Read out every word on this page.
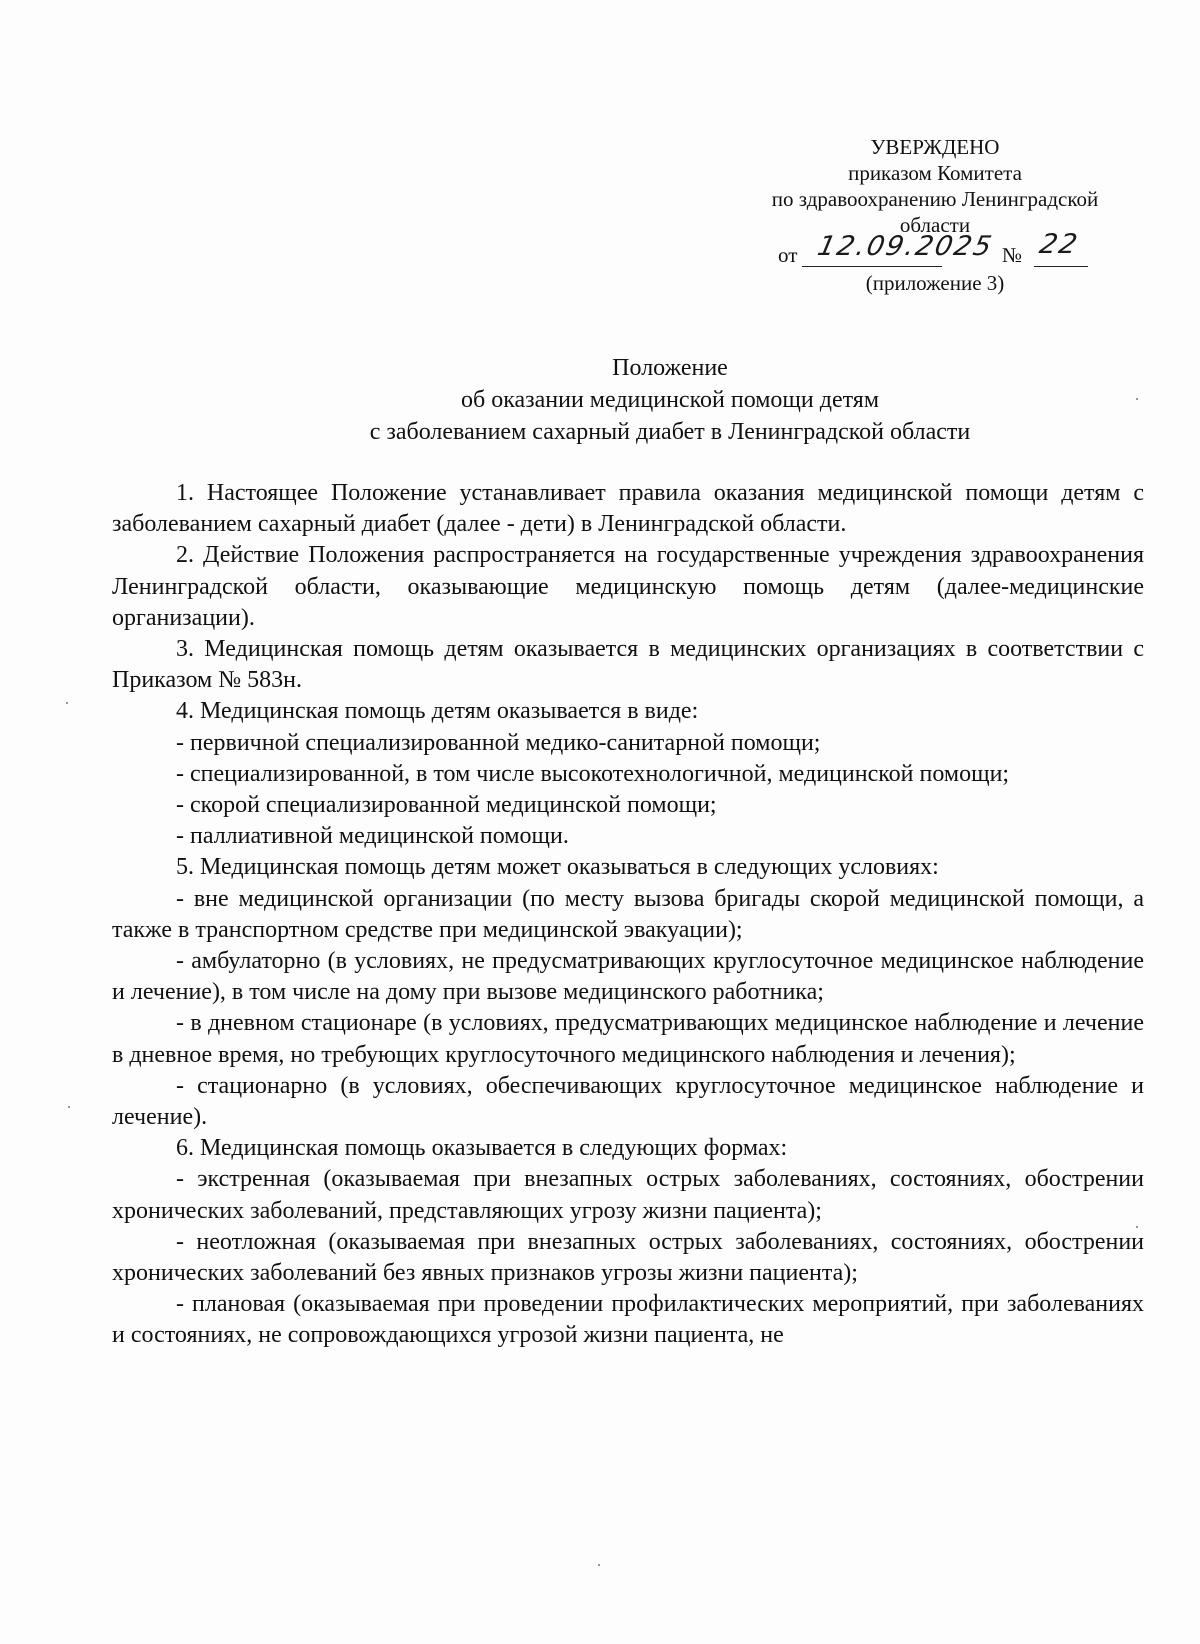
УВЕРЖДЕНО
приказом Комитета
по здравоохранению Ленинградской
области
от 12.09.2025 № 22
(приложение 3)
Положение
об оказании медицинской помощи детям
с заболеванием сахарный диабет в Ленинградской области

1. Настоящее Положение устанавливает правила оказания медицинской помощи детям с заболеванием сахарный диабет (далее - дети) в Ленинградской области.

2. Действие Положения распространяется на государственные учреждения здравоохранения Ленинградской области, оказывающие медицинскую помощь детям (далее-медицинские организации).

3. Медицинская помощь детям оказывается в медицинских организациях в соответствии с Приказом № 583н.

4. Медицинская помощь детям оказывается в виде:

- первичной специализированной медико-санитарной помощи;

- специализированной, в том числе высокотехнологичной, медицинской помощи;

- скорой специализированной медицинской помощи;

- паллиативной медицинской помощи.

5. Медицинская помощь детям может оказываться в следующих условиях:

- вне медицинской организации (по месту вызова бригады скорой медицинской помощи, а также в транспортном средстве при медицинской эвакуации);

- амбулаторно (в условиях, не предусматривающих круглосуточное медицинское наблюдение и лечение), в том числе на дому при вызове медицинского работника;

- в дневном стационаре (в условиях, предусматривающих медицинское наблюдение и лечение в дневное время, но требующих круглосуточного медицинского наблюдения и лечения);

- стационарно (в условиях, обеспечивающих круглосуточное медицинское наблюдение и лечение).

6. Медицинская помощь оказывается в следующих формах:

- экстренная (оказываемая при внезапных острых заболеваниях, состояниях, обострении хронических заболеваний, представляющих угрозу жизни пациента);

- неотложная (оказываемая при внезапных острых заболеваниях, состояниях, обострении хронических заболеваний без явных признаков угрозы жизни пациента);

- плановая (оказываемая при проведении профилактических мероприятий, при заболеваниях и состояниях, не сопровождающихся угрозой жизни пациента, не
